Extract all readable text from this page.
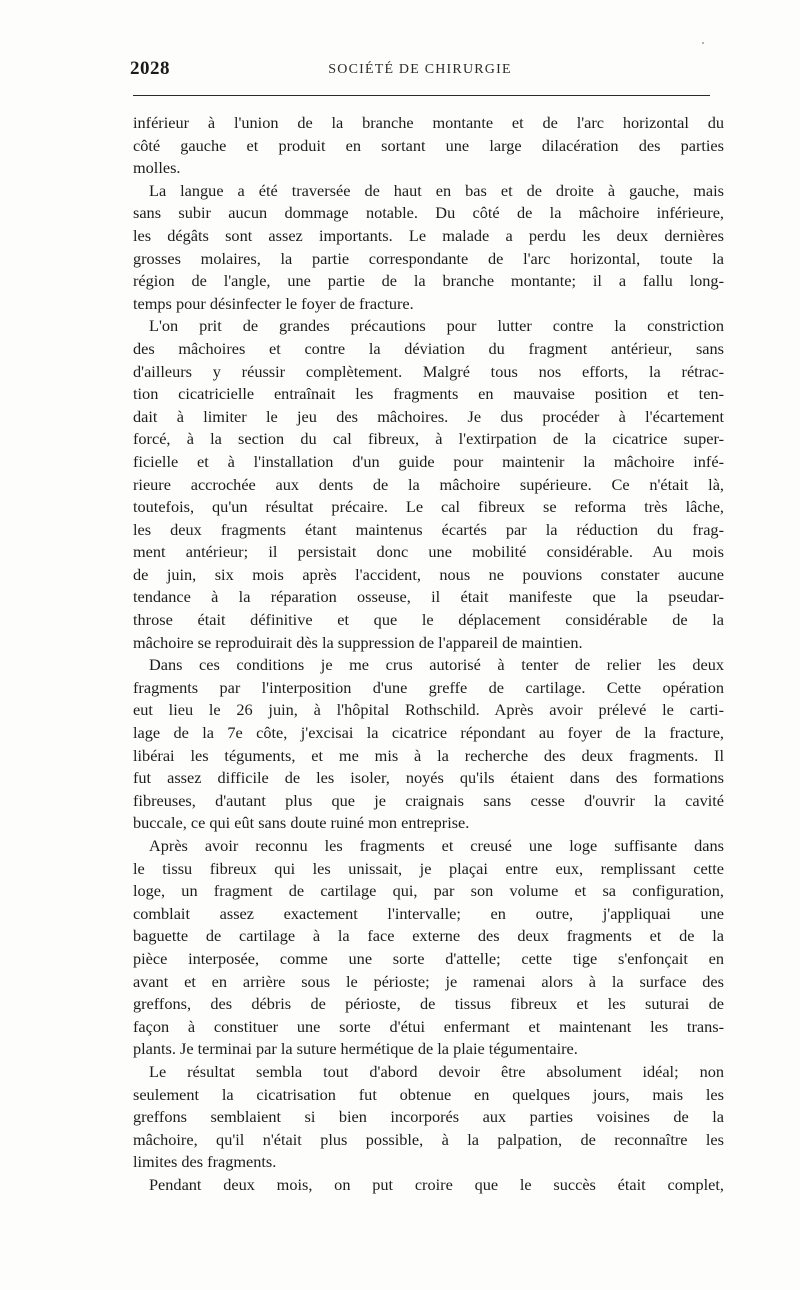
2028	SOCIÉTÉ DE CHIRURGIE

inférieur à l'union de la branche montante et de l'arc horizontal du
côté gauche et produit en sortant une large dilacération des parties
molles.

La langue a été traversée de haut en bas et de droite à gauche, mais
sans subir aucun dommage notable. Du côté de la mâchoire inférieure,
les dégâts sont assez importants. Le malade a perdu les deux dernières
grosses molaires, la partie correspondante de l'arc horizontal, toute la
région de l'angle, une partie de la branche montante; il a fallu long-
temps pour désinfecter le foyer de fracture.

L'on prit de grandes précautions pour lutter contre la constriction
des mâchoires et contre la déviation du fragment antérieur, sans
d'ailleurs y réussir complètement. Malgré tous nos efforts, la rétrac-
tion cicatricielle entraînait les fragments en mauvaise position et ten-
dait à limiter le jeu des mâchoires. Je dus procéder à l'écartement
forcé, à la section du cal fibreux, à l'extirpation de la cicatrice super-
ficielle et à l'installation d'un guide pour maintenir la mâchoire infé-
rieure accrochée aux dents de la mâchoire supérieure. Ce n'était là,
toutefois, qu'un résultat précaire. Le cal fibreux se reforma très lâche,
les deux fragments étant maintenus écartés par la réduction du frag-
ment antérieur; il persistait donc une mobilité considérable. Au mois
de juin, six mois après l'accident, nous ne pouvions constater aucune
tendance à la réparation osseuse, il était manifeste que la pseudar-
throse était définitive et que le déplacement considérable de la
mâchoire se reproduirait dès la suppression de l'appareil de maintien.

Dans ces conditions je me crus autorisé à tenter de relier les deux
fragments par l'interposition d'une greffe de cartilage. Cette opération
eut lieu le 26 juin, à l'hôpital Rothschild. Après avoir prélevé le carti-
lage de la 7e côte, j'excisai la cicatrice répondant au foyer de la fracture,
libérai les téguments, et me mis à la recherche des deux fragments. Il
fut assez difficile de les isoler, noyés qu'ils étaient dans des formations
fibreuses, d'autant plus que je craignais sans cesse d'ouvrir la cavité
buccale, ce qui eût sans doute ruiné mon entreprise.

Après avoir reconnu les fragments et creusé une loge suffisante dans
le tissu fibreux qui les unissait, je plaçai entre eux, remplissant cette
loge, un fragment de cartilage qui, par son volume et sa configuration,
comblait assez exactement l'intervalle; en outre, j'appliquai une
baguette de cartilage à la face externe des deux fragments et de la
pièce interposée, comme une sorte d'attelle; cette tige s'enfonçait en
avant et en arrière sous le périoste; je ramenai alors à la surface des
greffons, des débris de périoste, de tissus fibreux et les suturai de
façon à constituer une sorte d'étui enfermant et maintenant les trans-
plants. Je terminai par la suture hermétique de la plaie tégumentaire.

Le résultat sembla tout d'abord devoir être absolument idéal; non
seulement la cicatrisation fut obtenue en quelques jours, mais les
greffons semblaient si bien incorporés aux parties voisines de la
mâchoire, qu'il n'était plus possible, à la palpation, de reconnaître les
limites des fragments.

Pendant deux mois, on put croire que le succès était complet,
